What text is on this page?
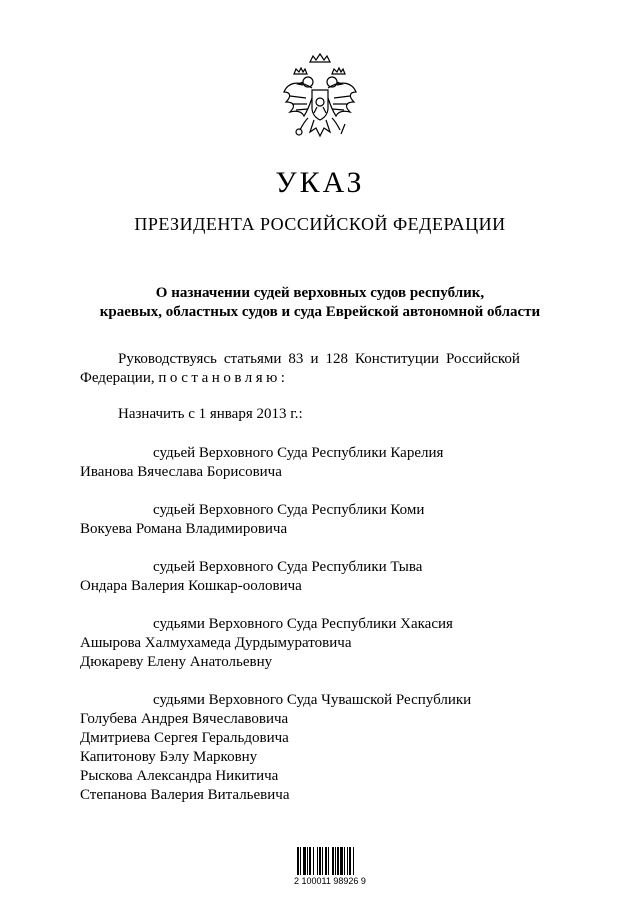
УКАЗ
ПРЕЗИДЕНТА РОССИЙСКОЙ ФЕДЕРАЦИИ
О назначении судей верховных судов республик,
краевых, областных судов и суда Еврейской автономной области
Руководствуясь статьями 83 и 128 Конституции Российской
Федерации, постановляю:
Назначить с 1 января 2013 г.:
судьей Верховного Суда Республики Карелия
Иванова Вячеслава Борисовича
судьей Верховного Суда Республики Коми
Вокуева Романа Владимировича
судьей Верховного Суда Республики Тыва
Ондара Валерия Кошкар-ооловича
судьями Верховного Суда Республики Хакасия
Ашырова Халмухамеда Дурдымуратовича
Дюкареву Елену Анатольевну
судьями Верховного Суда Чувашской Республики
Голубева Андрея Вячеславовича
Дмитриева Сергея Геральдовича
Капитонову Бэлу Марковну
Рыскова Александра Никитича
Степанова Валерия Витальевича
2 100011 98926 9
